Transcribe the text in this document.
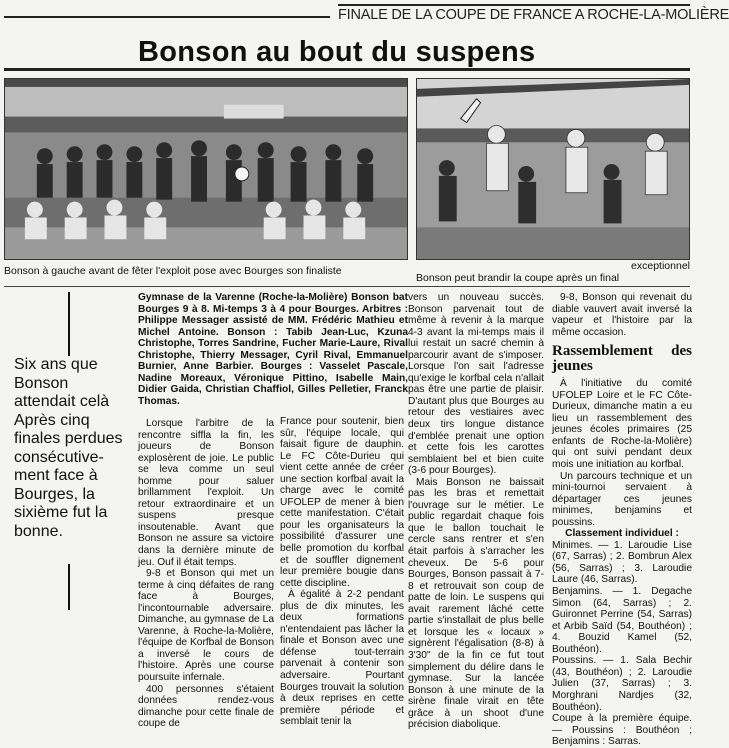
FINALE DE LA COUPE DE FRANCE A ROCHE-LA-MOLIÈRE
Bonson au bout du suspens
Bonson à gauche avant de fêter l'exploit pose avec Bourges son finaliste	exceptionnel
Bonson peut brandir la coupe après un final
Six ans que Bonson attendait celà Après cinq finales perdues consécutive- ment face à Bourges, la sixième fut la bonne.
Gymnase de la Varenne (Roche-la-Molière) Bonson bat Bourges 9 à 8. Mi-temps 3 à 4 pour Bourges. Arbitres : Philippe Messager assisté de MM. Frédéric Mathieu et Michel Antoine. Bonson : Tabib Jean-Luc, Kzuna Christophe, Torres Sandrine, Fucher Marie-Laure, Rival Christophe, Thierry Messager, Cyril Rival, Emmanuel Burnier, Anne Barbier. Bourges : Vasselet Pascale, Nadine Moreaux, Véronique Pittino, Isabelle Main, Didier Gaida, Christian Chaffiol, Gilles Pelletier, Franck Thomas.

Lorsque l'arbitre de la rencontre siffla la fin, les joueurs de Bonson explosèrent de joie. Le public se leva comme un seul homme pour saluer brillamment l'exploit. Un retour extraordinaire et un suspens presque insoutenable. Avant que Bonson ne assure sa victoire dans la dernière minute de jeu. Ouf il était temps.

9-8 et Bonson qui met un terme à cinq défaites de rang face à Bourges, l'incontournable adversaire. Dimanche, au gymnase de La Varenne, à Roche-la-Molière, l'équipe de Korfbal de Bonson a inversé le cours de l'histoire. Après une course poursuite infernale.

400 personnes s'étaient données rendez-vous dimanche pour cette finale de coupe de

France pour soutenir, bien sûr, l'équipe locale, qui faisait figure de dauphin. Le FC Côte-Durieu qui vient cette année de créer une section korfbal avait la charge avec le comité UFOLEP de mener à bien cette manifestation. C'était pour les organisateurs la possibilité d'assurer une belle promotion du korfbal et de souffler dignement leur première bougie dans cette discipline.

À égalité à 2-2 pendant plus de dix minutes, les deux formations n'entendaient pas lâcher la finale et Bonson avec une défense tout-terrain parvenait à contenir son adversaire. Pourtant Bourges trouvait la solution à deux reprises en cette première période et semblait tenir la

vers un nouveau succès. Bonson parvenait tout de même à revenir à la marque 4-3 avant la mi-temps mais il lui restait un sacré chemin à parcourir avant de s'imposer. Lorsque l'on sait l'adresse qu'exige le korfbal cela n'allait pas être une partie de plaisir. D'autant plus que Bourges au retour des vestiaires avec deux tirs longue distance d'emblée prenait une option et cette fois les carottes semblaient bel et bien cuite (3-6 pour Bourges).

Mais Bonson ne baissait pas les bras et remettait l'ouvrage sur le métier. Le public regardait chaque fois que le ballon touchait le cercle sans rentrer et s'en était parfois à s'arracher les cheveux. De 5-6 pour Bourges, Bonson passait à 7-8 et retrouvait son coup de patte de loin. Le suspens qui avait rarement lâché cette partie s'installait de plus belle et lorsque les « locaux » signèrent l'égalisation (8-8) à 3'30" de la fin ce fut tout simplement du délire dans le gymnase. Sur la lancée Bonson à une minute de la sirène finale virait en tête grâce à un shoot d'une précision diabolique.

9-8, Bonson qui revenait du diable vauvert avait inversé la vapeur et l'histoire par la même occasion.

Rassemblement des jeunes

À l'initiative du comité UFOLEP Loire et le FC Côte-Durieux, dimanche matin a eu lieu un rassemblement des jeunes écoles primaires (25 enfants de Roche-la-Molière) qui ont suivi pendant deux mois une initiation au korfbal.

Un parcours technique et un mini-tournoi servaient à départager ces jeunes minimes, benjamins et poussins.

Classement individuel :

Minimes. — 1. Laroudie Lise (67, Sarras) ; 2. Bombrun Alex (56, Sarras) ; 3. Laroudie Laure (46, Sarras).

Benjamins. — 1. Degache Simon (64, Sarras) ; 2. Guironnet Perrine (54, Sarras) et Arbib Saïd (54, Bouthéon) ; 4. Bouzid Kamel (52, Bouthéon).

Poussins. — 1. Sala Bechir (43, Bouthéon) ; 2. Laroudie Julien (37, Sarras) ; 3. Morghrani Nardjes (32, Bouthéon).

Coupe à la première équipe. — Poussins : Bouthéon ; Benjamins : Sarras.
